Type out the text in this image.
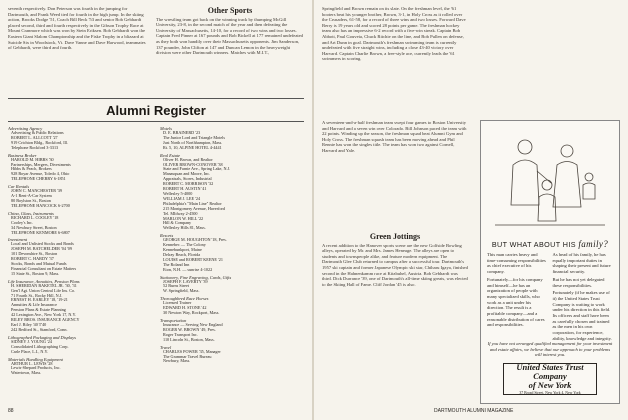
seventh respectively. Don Peterson was fourth in the jumping for Dartmouth, and Frank Weed tied for fourth in the high jump. In the skiing action, Brooks Dodge '51, Coach Bill Beck '53 and senior Bob Gebhardt placed second, third and fourth respectively in the Gibson Trophy Race at Mount Cranmore which was won by Stein Eriksen. Bob Gebhardt won the Eastern Giant Slalom Championship and the Fiske Trophy in a blizzard at Suicide Six in Woodstock, Vt. Dave Vanne and Dave Harwood, teammates of Gebhardt, were third and fourth.

Other Sports

The wrestling team got back on the winning track by thumping McGill University, 23-8, in the second match of the year and then defeating the University of Massachusetts, 14-10, for a record of two wins and two losses. Captain Fred Pinner at 167 pounds and Bob Bickell at 177 remained undefeated as they both won handily over their Massachusetts opponents. Jim Sanderson, 137 pounder, John Clifton at 147 and Duncan Lemon in the heavyweight division were other Dartmouth winners. Matches with M.I.T.,

Alumni Register
Advertising Agency
Advertising & Public Relations
ROBERT L. ALLCOTT '27
919 Crichton Bldg., Rockford, Ill.
Telephone Rockford 3-3313
Business Broker
HAROLD M. HIBBS '30
Partnerships, Mergers, Divestments
Hibbs & Peach, Brokers
928 Boyar Avenue, Toledo 4, Ohio
TELEPHONE CHERRY 6-1851
Car Rentals
JOHN C. MANCHESTER '39
A-1 Rent-A-Car System
80 Boylston St., Boston
TELEPHONE HANCOCK 6-2700
China, Glass, Instruments
RICHARD L. COOLEY '18
Cooley's Inc.
34 Newbury Street, Boston
TELEPHONE KENMORE 6-6807
Investment
Local and Unlisted Stocks and Bonds
JOSEPH M. BATCHELDER '04 '09
101 Devonshire St., Boston
ROBERT C. HARDY '37
Stocks, Bonds and Mutual Funds
Financial Consultant on Estate Matters
15 State St., Boston 9, Mass.
Life Insurance, Annuities, Pension Plans
H. SHERIDAN BAKETEL JR. '30, '31
Gen'l Agt. Union Central Life Ins. Co.
71 Fourth St., Rocky Hill, N.J.
ERNEST H. EARLEY '18, '19-21
Annuities & Life Insurance
Pension Plans & Estate Planning
42 Lexington Ave., New York 17, N.Y.
RILEY BROS. INSURANCE AGENCY
Earl J. Riley '40 T'40
242 Bedford St., Stamford, Conn.
Lithographed Packaging and Displays
SIDNEY J. YOUNG '24
Consolidated Lithographing Corp.
Carle Place, L.I., N.Y.
Materials Handling Equipment
ARTHUR L. LEWIS '28
Lewis-Shepard Products, Inc.
Watertown, Mass.
Motels
D. E. BRAINERD '23
The Junior Lord and Triangle Motels
Just North of Northhampton, Mass.
Rt. 5, 10, ALPINE HOTEL 4-4441
Real Estate
Oliver H. Brown, and Realtor
OLIVER BROWN-CONOVER '38
State and Farnie Ave., Spring Lake, N.J.
Manasquan and Moore, Inc.
Appraisals, Stores, Industrial
ROBERT C. MORRISON '32
ROBERT H. AUSTIN '41
Wellesley 5-4000
WILLIAM J. LEE '24
Philadelphia's "Main Line" Realtor
215 Montgomery Avenue, Haverford
Tel. MIdway 2-4500
MARLON W. HILL '22
Hill & Company
Wellesley Hills 81, Mass.
Resorts
GEORGE M. HOUGHTON '18, Pres.
Kennebec — The Colony
Kennebunkport, Maine
Delray Beach, Florida
LOUISE and ROBERT KEENE '21
The Roland Inn
Eton, N.H. — sunrise 4-1022
Stationery, Fine Engraving, Cards, Gifts
JOSEPH F. LAVERTY '39
52 Burns Street
W. Springfield, Mass.
Thoroughbred Race Horses
Licensed Trainer
EDWARD H. STONE '42
30 Newton Way, Rockport, Mass.
Transportation
Insurance — Serving New England
ROGER W. BROWN '49, Pres.
Roger Transport Inc.
110 Lincoln St., Boston, Mass.
Travel
CHARLES POWER '35, Manager
The Grammar Travel Bureau
Newbury, Mass.
88

Springfield and Brown remain on its slate. On the freshman level, the '61 booters beat his younger brother, Brown, 3-1, in Holy Cross as it rolled over the Crusaders, 61-58, for a record of three wins and two losses. Forward Dave Berry is 19 years old and scored 28 points per game. The freshman hockey team also has an impressive 6-2 record with a five-win streak. Captain Bob Abbott, Paul Gouveia, Chuck Ritchie on the line, and Bob Pullen on defense, and Art Dunn in goal. Dartmouth's freshman swimming team is currently undefeated with five straight wins, including a close 43-40 victory over Harvard. Captain Charlie Brown, a free-style ace, currently leads the '61 swimmers in scoring.

A seventeen-and-a-half freshman team swept four games to Boston University and Harvard and a seven win over Colorado. Bill Johnson paced the team with 22 points. Winding up the season, the freshman squad beat Alumni Gym and Holy Cross. The freshman squash team has been moving ahead and Phil Rennie has won the singles title. The team has won two against Cornell, Harvard and Yale.

Green Jottings

A recent addition to the Hanover sports scene are the new Golfside Bowling alleys, operated by Mr. and Mrs. James Heneage. The alleys are open to students and townspeople alike, and feature modern equipment. The Dartmouth Glee Club returned to campus after a successful tour. Dartmouth's 1957 ski captain and former Japanese Olympic ski star, Chiharu Igaya, finished second in the Hahnenkamm race at Kitzbuhel, Austria. Bob Gebhardt was third. Dick Durrance '39, one of Dartmouth's all-time skiing greats, was elected to the Skiing Hall of Fame. Cliff Jordan '45 is also.

BUT WHAT ABOUT HIS family?

This man carries heavy and time-consuming responsibilities as chief executive of his company.

Fortunately—for his company and himself—he has an organization of people with many specialized skills, who work as a unit under his direction. The result is a profitable company—and a reasonable distribution of cares and responsibilities.

As head of his family, he has equally important duties in shaping their present and future financial security.

But he has not yet delegated these responsibilities.

Fortunately (if he makes use of it) the United States Trust Company is waiting to work under his direction in this field. Its officers and staff have been as carefully chosen and trained as the men in his own corporation, for experience, ability, knowledge and integrity.

If you have not arranged qualified management for your investment and estate affairs, we believe that our approach to your problems will interest you.
United States Trust Company
of New York
37 Broad Street, New York 4, New York
DARTMOUTH ALUMNI MAGAZINE
